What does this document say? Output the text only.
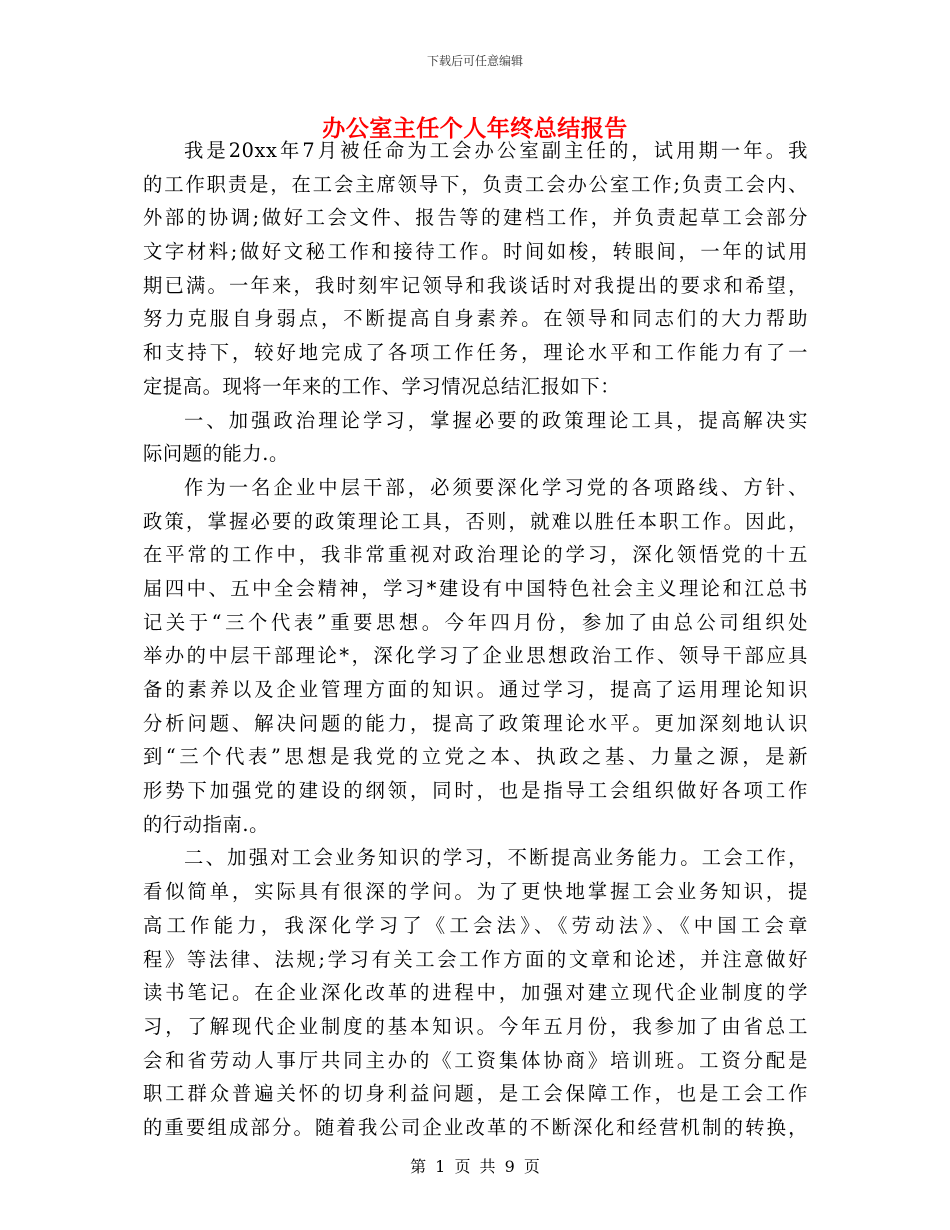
下载后可任意编辑
办公室主任个人年终总结报告
我是20xx年7月被任命为工会办公室副主任的，试用期一年。我
的工作职责是，在工会主席领导下，负责工会办公室工作;负责工会内、
外部的协调;做好工会文件、报告等的建档工作，并负责起草工会部分
文字材料;做好文秘工作和接待工作。时间如梭，转眼间，一年的试用
期已满。一年来，我时刻牢记领导和我谈话时对我提出的要求和希望，
努力克服自身弱点，不断提高自身素养。在领导和同志们的大力帮助
和支持下，较好地完成了各项工作任务，理论水平和工作能力有了一
定提高。现将一年来的工作、学习情况总结汇报如下：
一、加强政治理论学习，掌握必要的政策理论工具，提高解决实
际问题的能力.。
作为一名企业中层干部，必须要深化学习党的各项路线、方针、
政策，掌握必要的政策理论工具，否则，就难以胜任本职工作。因此，
在平常的工作中，我非常重视对政治理论的学习，深化领悟党的十五
届四中、五中全会精神，学习*建设有中国特色社会主义理论和江总书
记关于“三个代表”重要思想。今年四月份，参加了由总公司组织处
举办的中层干部理论*，深化学习了企业思想政治工作、领导干部应具
备的素养以及企业管理方面的知识。通过学习，提高了运用理论知识
分析问题、解决问题的能力，提高了政策理论水平。更加深刻地认识
到“三个代表”思想是我党的立党之本、执政之基、力量之源，是新
形势下加强党的建设的纲领，同时，也是指导工会组织做好各项工作
的行动指南.。
二、加强对工会业务知识的学习，不断提高业务能力。工会工作，
看似简单，实际具有很深的学问。为了更快地掌握工会业务知识，提
高工作能力，我深化学习了《工会法》、《劳动法》、《中国工会章
程》等法律、法规;学习有关工会工作方面的文章和论述，并注意做好
读书笔记。在企业深化改革的进程中，加强对建立现代企业制度的学
习，了解现代企业制度的基本知识。今年五月份，我参加了由省总工
会和省劳动人事厅共同主办的《工资集体协商》培训班。工资分配是
职工群众普遍关怀的切身利益问题，是工会保障工作，也是工会工作
的重要组成部分。随着我公司企业改革的不断深化和经营机制的转换，
第 1 页 共 9 页
